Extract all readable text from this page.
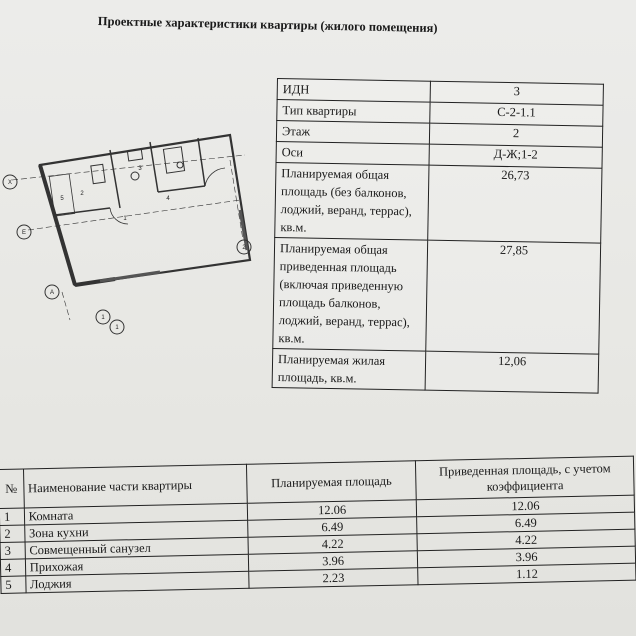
Проектные характеристики квартиры (жилого помещения)
X
E
A
1
1
2
1
2
3
4
5
ИДН	3
Тип квартиры	С-2-1.1
Этаж	2
Оси	Д-Ж;1-2
Планируемая общая площадь (без балконов, лоджий, веранд, террас), кв.м.	26,73
Планируемая общая приведенная площадь (включая приведенную площадь балконов, лоджий, веранд, террас), кв.м.	27,85
Планируемая жилая площадь, кв.м.	12,06
№	Наименование части квартиры	Планируемая площадь	Приведенная площадь, с учетом коэффициента
1	Комната	12.06	12.06
2	Зона кухни	6.49	6.49
3	Совмещенный санузел	4.22	4.22
4	Прихожая	3.96	3.96
5	Лоджия	2.23	1.12
